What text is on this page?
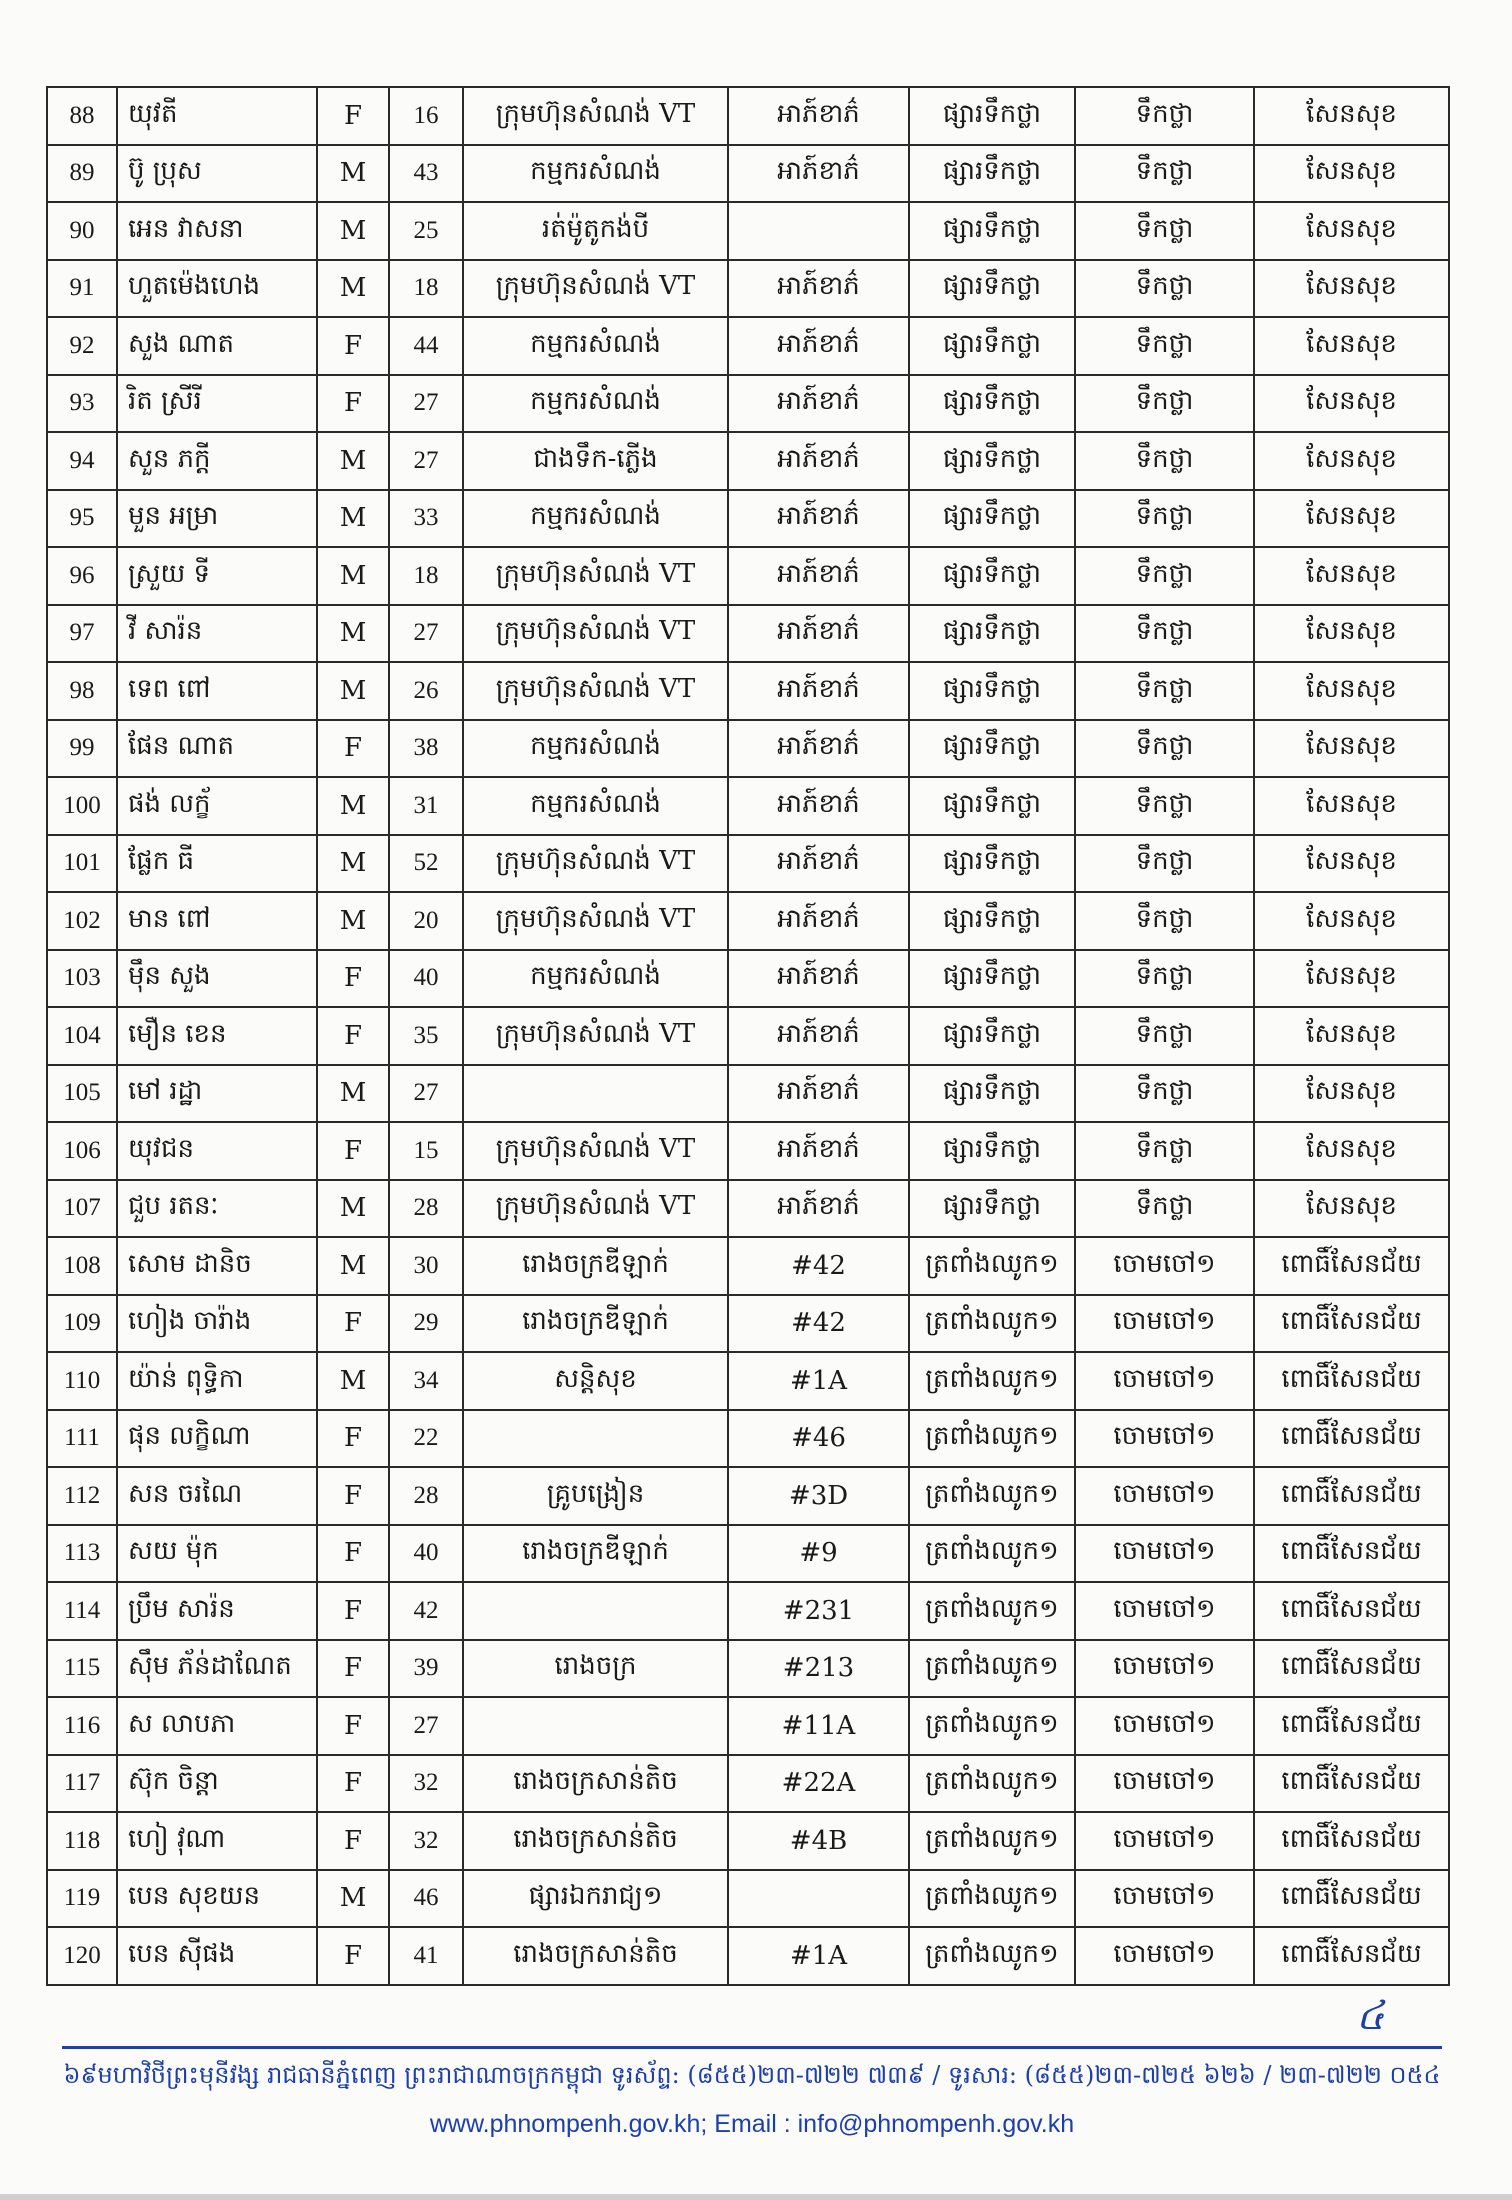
88	យុវតី	F	16	ក្រុមហ៊ុនសំណង់ VT	អាភ៍ខាភ៌	ផ្សារទឹកថ្លា	ទឹកថ្លា	សែនសុខ
89	ប៊ូ ប្រុស	M	43	កម្មករសំណង់	អាភ៍ខាភ៌	ផ្សារទឹកថ្លា	ទឹកថ្លា	សែនសុខ
90	អេន វាសនា	M	25	រត់ម៉ូតូកង់បី		ផ្សារទឹកថ្លា	ទឹកថ្លា	សែនសុខ
91	ហួតម៉េងហេង	M	18	ក្រុមហ៊ុនសំណង់ VT	អាភ៍ខាភ៌	ផ្សារទឹកថ្លា	ទឹកថ្លា	សែនសុខ
92	សួង ណាត	F	44	កម្មករសំណង់	អាភ៍ខាភ៌	ផ្សារទឹកថ្លា	ទឹកថ្លា	សែនសុខ
93	រិត ស្រីរី	F	27	កម្មករសំណង់	អាភ៍ខាភ៌	ផ្សារទឹកថ្លា	ទឹកថ្លា	សែនសុខ
94	សួន ភក្តី	M	27	ជាងទឹក-ភ្លើង	អាភ៍ខាភ៌	ផ្សារទឹកថ្លា	ទឹកថ្លា	សែនសុខ
95	មួន អម្រា	M	33	កម្មករសំណង់	អាភ៍ខាភ៌	ផ្សារទឹកថ្លា	ទឹកថ្លា	សែនសុខ
96	ស្រួយ ទី	M	18	ក្រុមហ៊ុនសំណង់ VT	អាភ៍ខាភ៌	ផ្សារទឹកថ្លា	ទឹកថ្លា	សែនសុខ
97	វី សារ៉ន	M	27	ក្រុមហ៊ុនសំណង់ VT	អាភ៍ខាភ៌	ផ្សារទឹកថ្លា	ទឹកថ្លា	សែនសុខ
98	ទេព ពៅ	M	26	ក្រុមហ៊ុនសំណង់ VT	អាភ៍ខាភ៌	ផ្សារទឹកថ្លា	ទឹកថ្លា	សែនសុខ
99	ផែន ណាត	F	38	កម្មករសំណង់	អាភ៍ខាភ៌	ផ្សារទឹកថ្លា	ទឹកថ្លា	សែនសុខ
100	ផង់ លក្ខ័	M	31	កម្មករសំណង់	អាភ៍ខាភ៌	ផ្សារទឹកថ្លា	ទឹកថ្លា	សែនសុខ
101	ផ្លែក ធី	M	52	ក្រុមហ៊ុនសំណង់ VT	អាភ៍ខាភ៌	ផ្សារទឹកថ្លា	ទឹកថ្លា	សែនសុខ
102	មាន ពៅ	M	20	ក្រុមហ៊ុនសំណង់ VT	អាភ៍ខាភ៌	ផ្សារទឹកថ្លា	ទឹកថ្លា	សែនសុខ
103	ម៉ឹន សួង	F	40	កម្មករសំណង់	អាភ៍ខាភ៌	ផ្សារទឹកថ្លា	ទឹកថ្លា	សែនសុខ
104	មឿន ខេន	F	35	ក្រុមហ៊ុនសំណង់ VT	អាភ៍ខាភ៌	ផ្សារទឹកថ្លា	ទឹកថ្លា	សែនសុខ
105	មៅ រដ្ឋា	M	27		អាភ៍ខាភ៌	ផ្សារទឹកថ្លា	ទឹកថ្លា	សែនសុខ
106	យុវជន	F	15	ក្រុមហ៊ុនសំណង់ VT	អាភ៍ខាភ៌	ផ្សារទឹកថ្លា	ទឹកថ្លា	សែនសុខ
107	ជួប រតនៈ	M	28	ក្រុមហ៊ុនសំណង់ VT	អាភ៍ខាភ៌	ផ្សារទឹកថ្លា	ទឹកថ្លា	សែនសុខ
108	សោម ដានិច	M	30	រោងចក្រឌីឡាក់	#42	ត្រពាំងឈូក១	ចោមចៅ១	ពោធិ៍សែនជ័យ
109	ហៀង ចារ៉ាង	F	29	រោងចក្រឌីឡាក់	#42	ត្រពាំងឈូក១	ចោមចៅ១	ពោធិ៍សែនជ័យ
110	យ៉ាន់ ពុទ្ធិកា	M	34	សន្តិសុខ	#1A	ត្រពាំងឈូក១	ចោមចៅ១	ពោធិ៍សែនជ័យ
111	ផុន លក្ខិណា	F	22		#46	ត្រពាំងឈូក១	ចោមចៅ១	ពោធិ៍សែនជ័យ
112	សន ចរណៃ	F	28	គ្រូបង្រៀន	#3D	ត្រពាំងឈូក១	ចោមចៅ១	ពោធិ៍សែនជ័យ
113	សយ ម៉ុក	F	40	រោងចក្រឌីឡាក់	#9	ត្រពាំងឈូក១	ចោមចៅ១	ពោធិ៍សែនជ័យ
114	ប្រឹម សារ៉ន	F	42		#231	ត្រពាំងឈូក១	ចោមចៅ១	ពោធិ៍សែនជ័យ
115	ស៊ឹម ភ័ន់ដាណែត	F	39	រោងចក្រ	#213	ត្រពាំងឈូក១	ចោមចៅ១	ពោធិ៍សែនជ័យ
116	ស លាបភា	F	27		#11A	ត្រពាំងឈូក១	ចោមចៅ១	ពោធិ៍សែនជ័យ
117	ស៊ុក ចិន្តា	F	32	រោងចក្រសាន់តិច	#22A	ត្រពាំងឈូក១	ចោមចៅ១	ពោធិ៍សែនជ័យ
118	ហៀ វុណា	F	32	រោងចក្រសាន់តិច	#4B	ត្រពាំងឈូក១	ចោមចៅ១	ពោធិ៍សែនជ័យ
119	បេន សុខយន	M	46	ផ្សារឯករាជ្យ១		ត្រពាំងឈូក១	ចោមចៅ១	ពោធិ៍សែនជ័យ
120	បេន ស៊ីផង	F	41	រោងចក្រសាន់តិច	#1A	ត្រពាំងឈូក១	ចោមចៅ១	ពោធិ៍សែនជ័យ
៤
៦៩មហាវិថីព្រះមុនីវង្ស រាជធានីភ្នំពេញ ព្រះរាជាណាចក្រកម្ពុជា ទូរស័ព្ទ: (៨៥៥)២៣-៧២២ ៧៣៩ / ទូរសារ: (៨៥៥)២៣-៧២៥ ៦២៦ / ២៣-៧២២ ០៥៤
www.phnompenh.gov.kh; Email : info@phnompenh.gov.kh
